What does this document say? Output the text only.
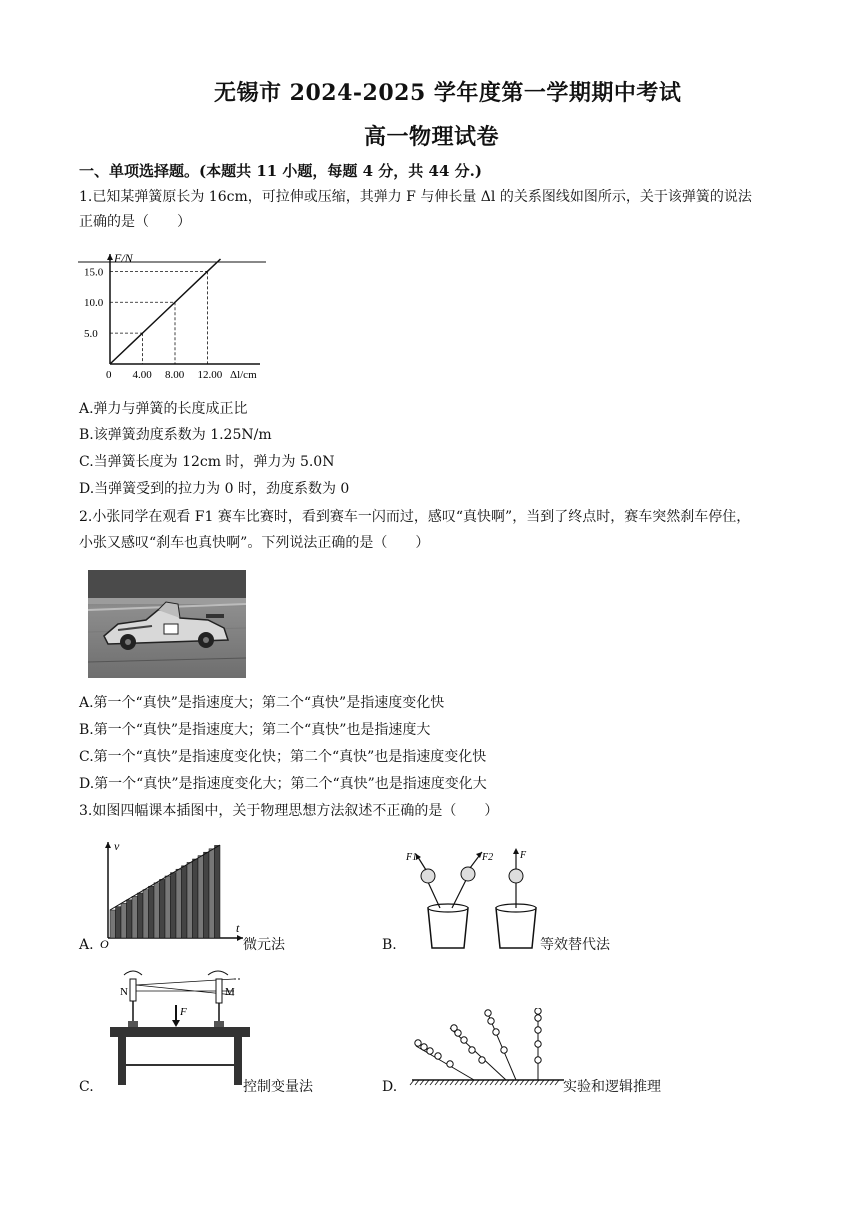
无锡市 2024-2025 学年度第一学期期中考试
高一物理试卷
一、单项选择题。(本题共 11 小题，每题 4 分，共 44 分.)
1.已知某弹簧原长为 16cm，可拉伸或压缩，其弹力 F 与伸长量 Δl 的关系图线如图所示，关于该弹簧的说法
正确的是（　　）
F/N
Δl/cm
0 4.00
5.0
8.00
10.0
12.00
15.0
A.弹力与弹簧的长度成正比
B.该弹簧劲度系数为 1.25N/m
C.当弹簧长度为 12cm 时，弹力为 5.0N
D.当弹簧受到的拉力为 0 时，劲度系数为 0
2.小张同学在观看 F1 赛车比赛时，看到赛车一闪而过，感叹“真快啊”，当到了终点时，赛车突然刹车停住，
小张又感叹“刹车也真快啊”。下列说法正确的是（　　）
A.第一个“真快”是指速度大；第二个“真快”是指速度变化快
B.第一个“真快”是指速度大；第二个“真快”也是指速度大
C.第一个“真快”是指速度变化快；第二个“真快”也是指速度变化快
D.第一个“真快”是指速度变化大；第二个“真快”也是指速度变化大
3.如图四幅课本插图中，关于物理思想方法叙述不正确的是（　　）
v
t
O
A.	微元法
F1	F2	F
B.	等效替代法
N	M
F
C.	控制变量法	D.	实验和逻辑推理
